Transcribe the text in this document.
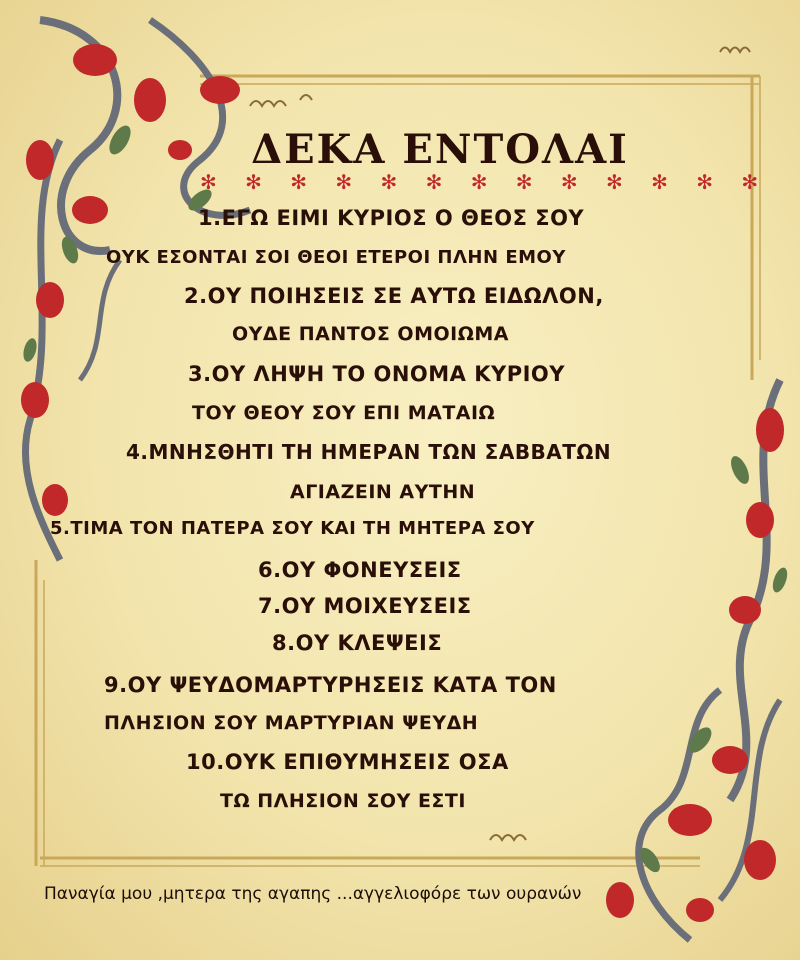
ΔΕΚΑ ΕΝΤΟΛΑΙ
✻ ✻ ✻ ✻ ✻ ✻ ✻ ✻ ✻ ✻ ✻ ✻ ✻
1.ΕΓΩ ΕΙΜΙ ΚΥΡΙΟΣ Ο ΘΕΟΣ ΣΟΥ
ΟΥΚ ΕΣΟΝΤΑΙ ΣΟΙ ΘΕΟΙ ΕΤΕΡΟΙ ΠΛΗΝ ΕΜΟΥ
2.ΟΥ ΠΟΙΗΣΕΙΣ ΣΕ ΑΥΤΩ ΕΙΔΩΛΟΝ,
ΟΥΔΕ ΠΑΝΤΟΣ ΟΜΟΙΩΜΑ
3.ΟΥ ΛΗΨΗ ΤΟ ΟΝΟΜΑ ΚΥΡΙΟΥ
ΤΟΥ ΘΕΟΥ ΣΟΥ ΕΠΙ ΜΑΤΑΙΩ
4.ΜΝΗΣΘΗΤΙ ΤΗ ΗΜΕΡΑΝ ΤΩΝ ΣΑΒΒΑΤΩΝ
ΑΓΙΑΖΕΙΝ ΑΥΤΗΝ
5.ΤΙΜΑ ΤΟΝ ΠΑΤΕΡΑ ΣΟΥ ΚΑΙ ΤΗ ΜΗΤΕΡΑ ΣΟΥ
6.ΟΥ ΦΟΝΕΥΣΕΙΣ
7.ΟΥ ΜΟΙΧΕΥΣΕΙΣ
8.ΟΥ ΚΛΕΨΕΙΣ
9.ΟΥ ΨΕΥΔΟΜΑΡΤΥΡΗΣΕΙΣ ΚΑΤΑ ΤΟΝ
ΠΛΗΣΙΟΝ ΣΟΥ ΜΑΡΤΥΡΙΑΝ ΨΕΥΔΗ
10.ΟΥΚ ΕΠΙΘΥΜΗΣΕΙΣ ΟΣΑ
ΤΩ ΠΛΗΣΙΟΝ ΣΟΥ ΕΣΤΙ
Παναγία μου ,μητερα της αγαπης ...αγγελιοφόρε των ουρανών
